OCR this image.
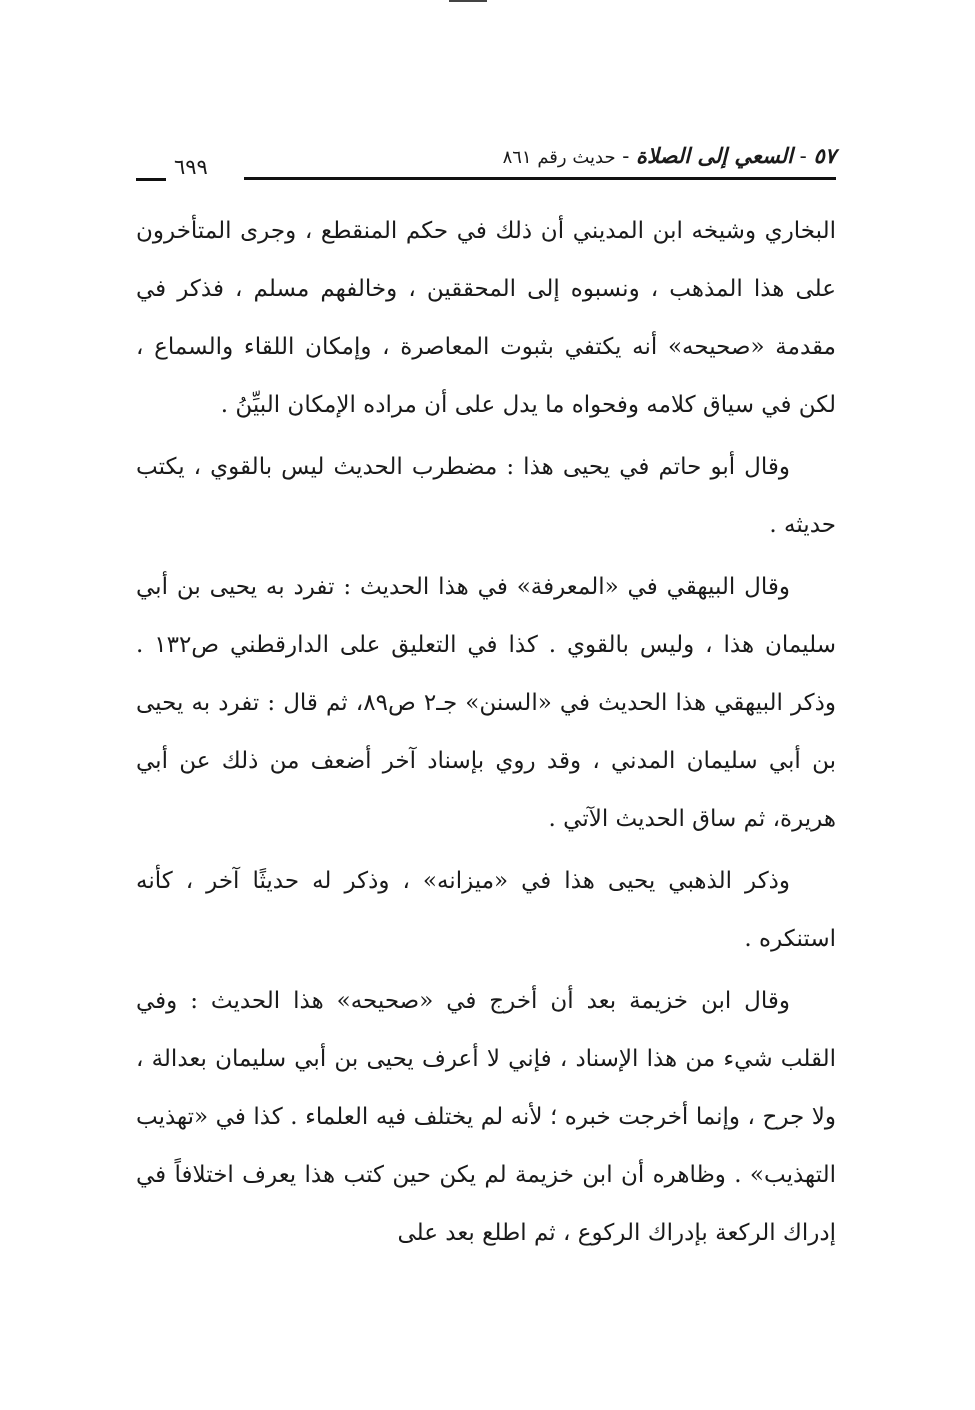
٥٧ - السعي إلى الصلاة - حديث رقم ٨٦١
٦٩٩

البخاري وشيخه ابن المديني أن ذلك في حكم المنقطع ، وجرى المتأخرون على هذا المذهب ، ونسبوه إلى المحققين ، وخالفهم مسلم ، فذكر في مقدمة «صحيحه» أنه يكتفي بثبوت المعاصرة ، وإمكان اللقاء والسماع ، لكن في سياق كلامه وفحواه ما يدل على أن مراده الإمكان البيِّنُ .

وقال أبو حاتم في يحيى هذا : مضطرب الحديث ليس بالقوي ، يكتب حديثه .

وقال البيهقي في «المعرفة» في هذا الحديث : تفرد به يحيى بن أبي سليمان هذا ، وليس بالقوي . كذا في التعليق على الدارقطني ص١٣٢ . وذكر البيهقي هذا الحديث في «السنن» جـ٢ ص٨٩، ثم قال : تفرد به يحيى بن أبي سليمان المدني ، وقد روي بإسناد آخر أضعف من ذلك عن أبي هريرة، ثم ساق الحديث الآتي .

وذكر الذهبي يحيى هذا في «ميزانه» ، وذكر له حديثًا آخر ، كأنه استنكره .

وقال ابن خزيمة بعد أن أخرج في «صحيحه» هذا الحديث : وفي القلب شيء من هذا الإسناد ، فإني لا أعرف يحيى بن أبي سليمان بعدالة ، ولا جرح ، وإنما أخرجت خبره ؛ لأنه لم يختلف فيه العلماء . كذا في «تهذيب التهذيب» . وظاهره أن ابن خزيمة لم يكن حين كتب هذا يعرف اختلافاً في إدراك الركعة بإدراك الركوع ، ثم اطلع بعد على
